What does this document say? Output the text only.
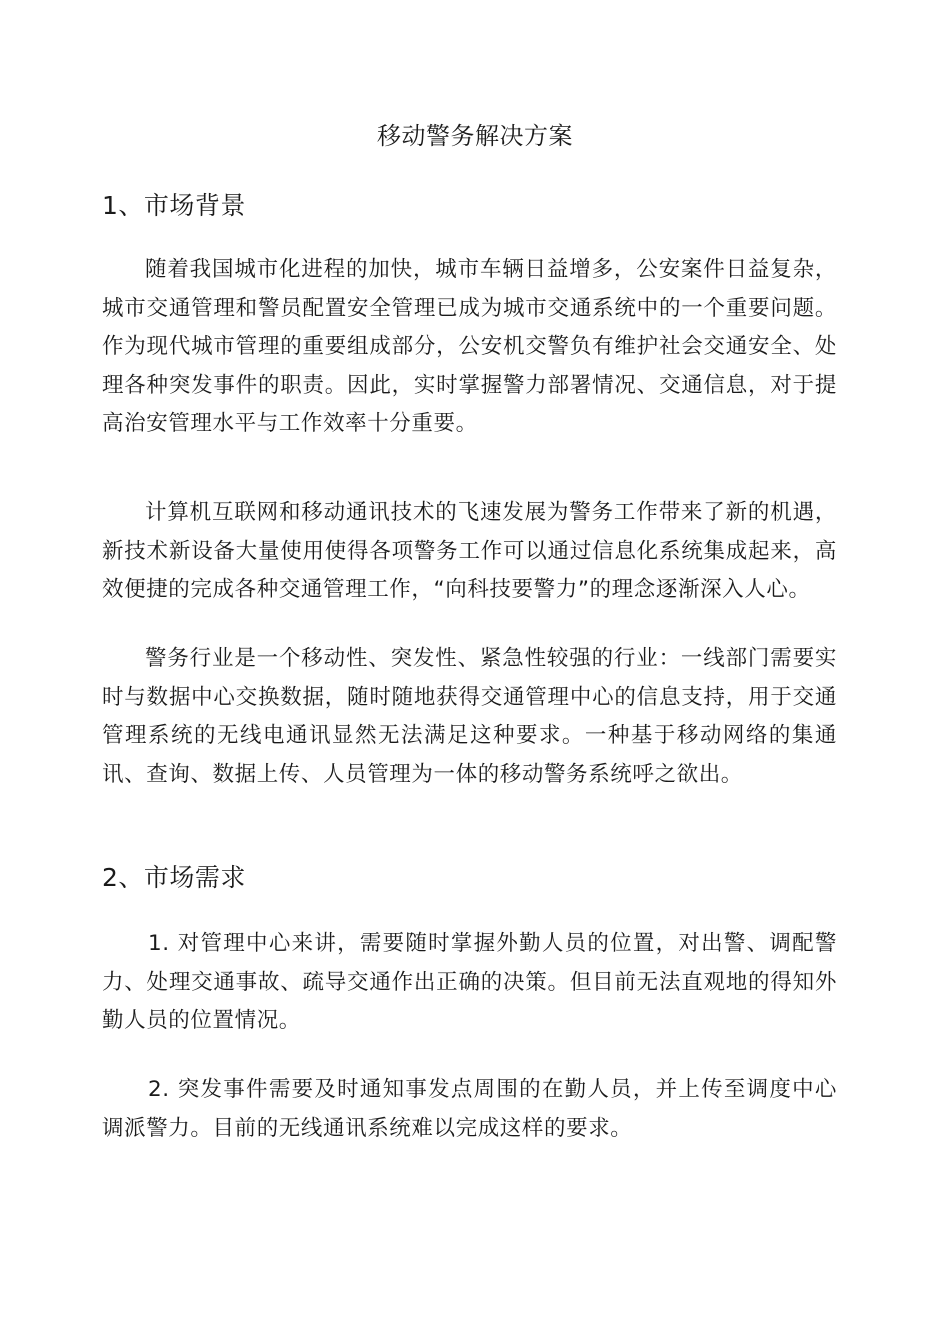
移动警务解决方案
1、市场背景
随着我国城市化进程的加快，城市车辆日益增多，公安案件日益复杂，城市交通管理和警员配置安全管理已成为城市交通系统中的一个重要问题。作为现代城市管理的重要组成部分，公安机交警负有维护社会交通安全、处理各种突发事件的职责。因此，实时掌握警力部署情况、交通信息，对于提高治安管理水平与工作效率十分重要。
计算机互联网和移动通讯技术的飞速发展为警务工作带来了新的机遇，新技术新设备大量使用使得各项警务工作可以通过信息化系统集成起来，高效便捷的完成各种交通管理工作，“向科技要警力”的理念逐渐深入人心。
警务行业是一个移动性、突发性、紧急性较强的行业：一线部门需要实时与数据中心交换数据，随时随地获得交通管理中心的信息支持，用于交通管理系统的无线电通讯显然无法满足这种要求。一种基于移动网络的集通讯、查询、数据上传、人员管理为一体的移动警务系统呼之欲出。
2、市场需求
1. 对管理中心来讲，需要随时掌握外勤人员的位置，对出警、调配警力、处理交通事故、疏导交通作出正确的决策。但目前无法直观地的得知外勤人员的位置情况。
2. 突发事件需要及时通知事发点周围的在勤人员，并上传至调度中心调派警力。目前的无线通讯系统难以完成这样的要求。
